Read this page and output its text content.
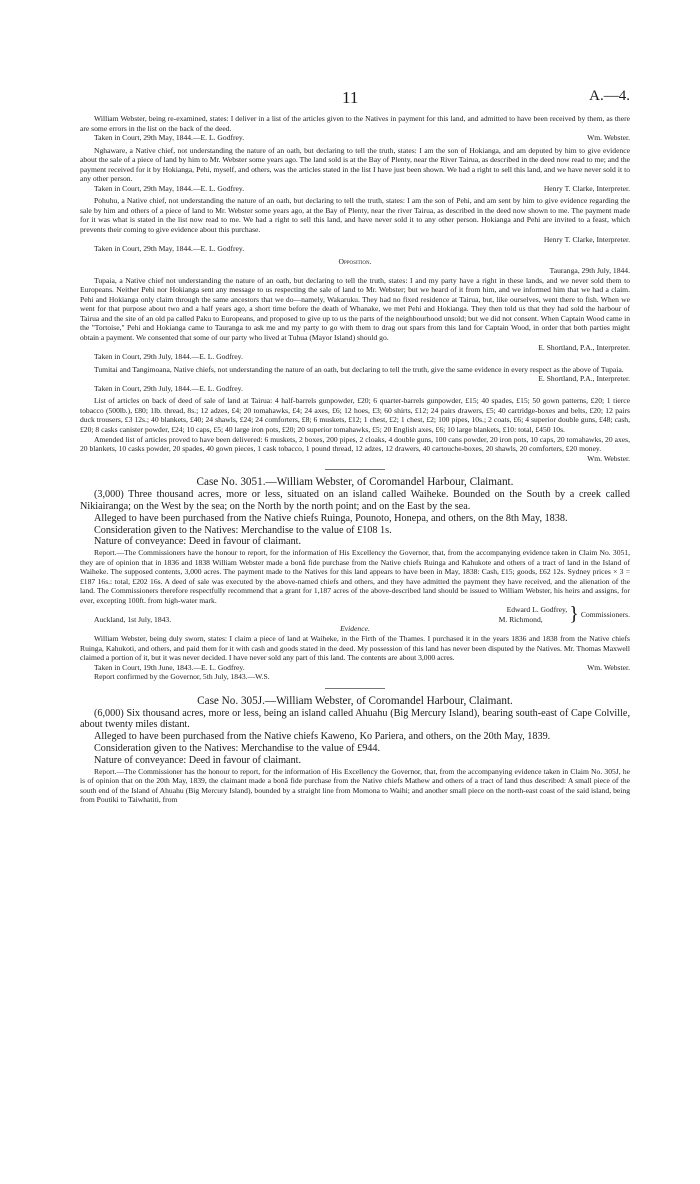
11	A.—4.

William Webster, being re-examined, states: I deliver in a list of the articles given to the Natives in payment for this land, and admitted to have been received by them, as there are some errors in the list on the back of the deed.

Taken in Court, 29th May, 1844.—E. L. Godfrey.	Wm. Webster.

Nghaware, a Native chief, not understanding the nature of an oath, but declaring to tell the truth, states: I am the son of Hokianga, and am deputed by him to give evidence about the sale of a piece of land by him to Mr. Webster some years ago. The land sold is at the Bay of Plenty, near the River Tairua, as described in the deed now read to me; and the payment received for it by Hokianga, Pehi, myself, and others, was the articles stated in the list I have just been shown. We had a right to sell this land, and we have never sold it to any other person.

Taken in Court, 29th May, 1844.—E. L. Godfrey.	Henry T. Clarke, Interpreter.

Pohuhu, a Native chief, not understanding the nature of an oath, but declaring to tell the truth, states: I am the son of Pehi, and am sent by him to give evidence regarding the sale by him and others of a piece of land to Mr. Webster some years ago, at the Bay of Plenty, near the river Tairua, as described in the deed now shown to me. The payment made for it was what is stated in the list now read to me. We had a right to sell this land, and have never sold it to any other person. Hokianga and Pehi are invited to a feast, which prevents their coming to give evidence about this purchase.

Henry T. Clarke, Interpreter.

Taken in Court, 29th May, 1844.—E. L. Godfrey.

Opposition.

Tauranga, 29th July, 1844.

Tupaia, a Native chief not understanding the nature of an oath, but declaring to tell the truth, states: I and my party have a right in these lands, and we never sold them to Europeans. Neither Pehi nor Hokianga sent any message to us respecting the sale of land to Mr. Webster; but we heard of it from him, and we informed him that we had a claim. Pehi and Hokianga only claim through the same ancestors that we do—namely, Wakaruku. They had no fixed residence at Tairua, but, like ourselves, went there to fish. When we went for that purpose about two and a half years ago, a short time before the death of Whanake, we met Pehi and Hokianga. They then told us that they had sold the harbour of Tairua and the site of an old pa called Paku to Europeans, and proposed to give up to us the parts of the neighbourhood unsold; but we did not consent. When Captain Wood came in the "Tortoise," Pehi and Hokianga came to Tauranga to ask me and my party to go with them to drag out spars from this land for Captain Wood, in order that both parties might obtain a payment. We consented that some of our party who lived at Tuhua (Mayor Island) should go.

E. Shortland, P.A., Interpreter.

Taken in Court, 29th July, 1844.—E. L. Godfrey.

Tumitai and Tangimoana, Native chiefs, not understanding the nature of an oath, but declaring to tell the truth, give the same evidence in every respect as the above of Tupaia.

E. Shortland, P.A., Interpreter.

Taken in Court, 29th July, 1844.—E. L. Godfrey.

List of articles on back of deed of sale of land at Tairua: 4 half-barrels gunpowder, £20; 6 quarter-barrels gunpowder, £15; 40 spades, £15; 50 gown patterns, £20; 1 tierce tobacco (500lb.), £80; 1lb. thread, 8s.; 12 adzes, £4; 20 tomahawks, £4; 24 axes, £6; 12 hoes, £3; 60 shirts, £12; 24 pairs drawers, £5; 40 cartridge-boxes and belts, £20; 12 pairs duck trousers, £3 12s.; 40 blankets, £40; 24 shawls, £24; 24 comforters, £8; 6 muskets, £12; 1 chest, £2; 1 chest, £2; 100 pipes, 10s.; 2 coats, £6; 4 superior double guns, £48; cash, £20; 8 casks canister powder, £24; 10 caps, £5; 40 large iron pots, £20; 20 superior tomahawks, £5; 20 English axes, £6; 10 large blankets, £10: total, £450 10s.

Amended list of articles proved to have been delivered: 6 muskets, 2 boxes, 200 pipes, 2 cloaks, 4 double guns, 100 cans powder, 20 iron pots, 10 caps, 20 tomahawks, 20 axes, 20 blankets, 10 casks powder, 20 spades, 40 gown pieces, 1 cask tobacco, 1 pound thread, 12 adzes, 12 drawers, 40 cartouche-boxes, 20 shawls, 20 comforters, £20 money.

Wm. Webster.

Case No. 3051.—William Webster, of Coromandel Harbour, Claimant.

(3,000) Three thousand acres, more or less, situated on an island called Waiheke. Bounded on the South by a creek called Nikiairanga; on the West by the sea; on the North by the north point; and on the East by the sea.

Alleged to have been purchased from the Native chiefs Ruinga, Pounoto, Honepa, and others, on the 8th May, 1838.

Consideration given to the Natives: Merchandise to the value of £108 1s.

Nature of conveyance: Deed in favour of claimant.

Report.—The Commissioners have the honour to report, for the information of His Excellency the Governor, that, from the accompanying evidence taken in Claim No. 3051, they are of opinion that in 1836 and 1838 William Webster made a bonâ fide purchase from the Native chiefs Ruinga and Kahukote and others of a tract of land in the Island of Waiheke. The supposed contents, 3,000 acres. The payment made to the Natives for this land appears to have been in May, 1838: Cash, £15; goods, £62 12s. Sydney prices × 3 = £187 16s.: total, £202 16s. A deed of sale was executed by the above-named chiefs and others, and they have admitted the payment they have received, and the alienation of the land. The Commissioners therefore respectfully recommend that a grant for 1,187 acres of the above-described land should be issued to William Webster, his heirs and assigns, for ever, excepting 100ft. from high-water mark.

Auckland, 1st July, 1843.
Edward L. Godfrey,
M. Richmond,	} Commissioners.

Evidence.

William Webster, being duly sworn, states: I claim a piece of land at Waiheke, in the Firth of the Thames. I purchased it in the years 1836 and 1838 from the Native chiefs Ruinga, Kahukoti, and others, and paid them for it with cash and goods stated in the deed. My possession of this land has never been disputed by the Natives. Mr. Thomas Maxwell claimed a portion of it, but it was never decided. I have never sold any part of this land. The contents are about 3,000 acres.

Taken in Court, 19th June, 1843.—E. L. Godfrey.	Wm. Webster.

Report confirmed by the Governor, 5th July, 1843.—W.S.

Case No. 305J.—William Webster, of Coromandel Harbour, Claimant.

(6,000) Six thousand acres, more or less, being an island called Ahuahu (Big Mercury Island), bearing south-east of Cape Colville, about twenty miles distant.

Alleged to have been purchased from the Native chiefs Kaweno, Ko Pariera, and others, on the 20th May, 1839.

Consideration given to the Natives: Merchandise to the value of £944.

Nature of conveyance: Deed in favour of claimant.

Report.—The Commissioner has the honour to report, for the information of His Excellency the Governor, that, from the accompanying evidence taken in Claim No. 305J, he is of opinion that on the 20th May, 1839, the claimant made a bonâ fide purchase from the Native chiefs Mathew and others of a tract of land thus described: A small piece of the south end of the Island of Ahuahu (Big Mercury Island), bounded by a straight line from Momona to Waihi; and another small piece on the north-east coast of the said island, being from Poutiki to Taiwhatiti, from
